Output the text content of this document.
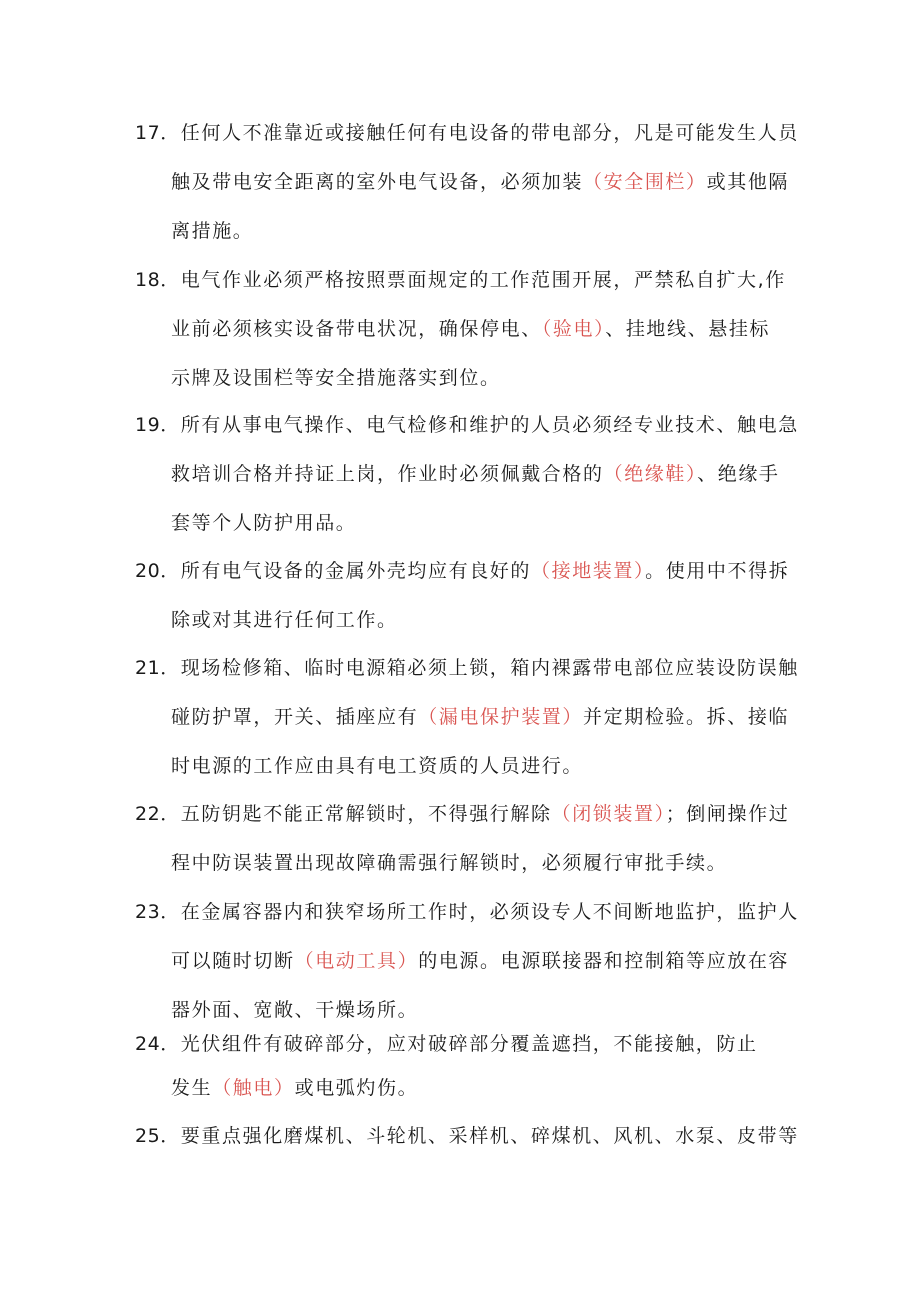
17．任何人不准靠近或接触任何有电设备的带电部分，凡是可能发生人员
触及带电安全距离的室外电气设备，必须加装（安全围栏）或其他隔
离措施。
18．电气作业必须严格按照票面规定的工作范围开展，严禁私自扩大,作
业前必须核实设备带电状况，确保停电、（验电）、挂地线、悬挂标
示牌及设围栏等安全措施落实到位。
19．所有从事电气操作、电气检修和维护的人员必须经专业技术、触电急
救培训合格并持证上岗，作业时必须佩戴合格的（绝缘鞋）、绝缘手
套等个人防护用品。
20．所有电气设备的金属外壳均应有良好的（接地装置）。使用中不得拆
除或对其进行任何工作。
21．现场检修箱、临时电源箱必须上锁，箱内裸露带电部位应装设防误触
碰防护罩，开关、插座应有（漏电保护装置）并定期检验。拆、接临
时电源的工作应由具有电工资质的人员进行。
22．五防钥匙不能正常解锁时，不得强行解除（闭锁装置）；倒闸操作过
程中防误装置出现故障确需强行解锁时，必须履行审批手续。
23．在金属容器内和狭窄场所工作时，必须设专人不间断地监护，监护人
可以随时切断（电动工具）的电源。电源联接器和控制箱等应放在容
器外面、宽敞、干燥场所。
24．光伏组件有破碎部分，应对破碎部分覆盖遮挡，不能接触，防止
发生（触电）或电弧灼伤。
25．要重点强化磨煤机、斗轮机、采样机、碎煤机、风机、水泵、皮带等
